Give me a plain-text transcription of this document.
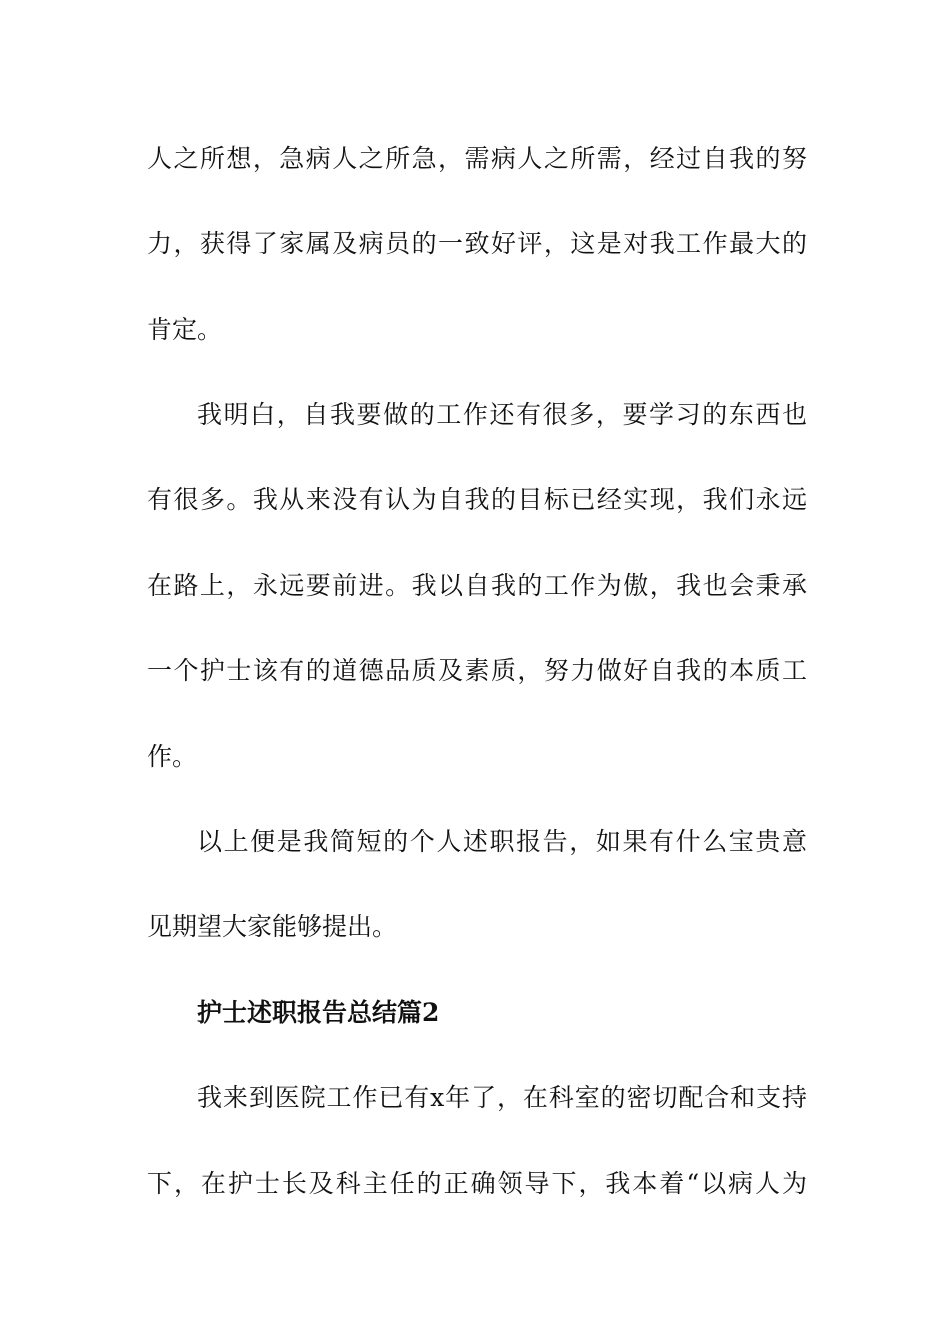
人之所想，急病人之所急，需病人之所需，经过自我的努
力，获得了家属及病员的一致好评，这是对我工作最大的
肯定。
我明白，自我要做的工作还有很多，要学习的东西也
有很多。我从来没有认为自我的目标已经实现，我们永远
在路上，永远要前进。我以自我的工作为傲，我也会秉承
一个护士该有的道德品质及素质，努力做好自我的本质工
作。
以上便是我简短的个人述职报告，如果有什么宝贵意
见期望大家能够提出。
护士述职报告总结篇2
我来到医院工作已有x年了，在科室的密切配合和支持
下，在护士长及科主任的正确领导下，我本着“以病人为
